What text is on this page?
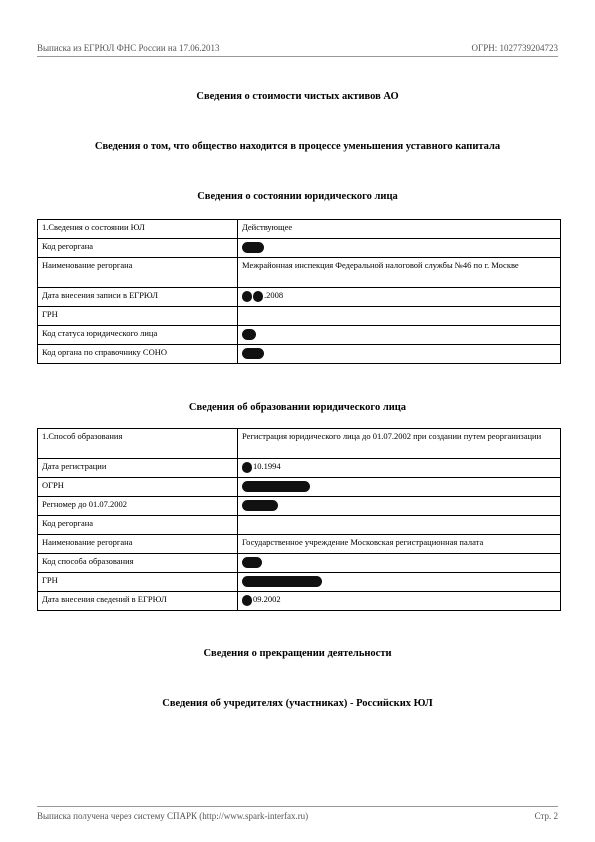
Выписка из ЕГРЮЛ ФНС России на 17.06.2013	ОГРН: 1027739204723
Сведения о стоимости чистых активов АО
Сведения о том, что общество находится в процессе уменьшения уставного капитала
Сведения о состоянии юридического лица
1.Сведения о состоянии ЮЛ	Действующее
Код регоргана	
Наименование регоргана	Межрайонная инспекция Федеральной налоговой службы №46 по г. Москве
Дата внесения записи в ЕГРЮЛ	.2008
ГРН	
Код статуса юридического лица	
Код органа по справочнику СОНО	
Сведения об образовании юридического лица
1.Способ образования	Регистрация юридического лица до 01.07.2002 при создании путем реорганизации
Дата регистрации	10.1994
ОГРН	
Регномер до 01.07.2002	
Код регоргана	
Наименование регоргана	Государственное учреждение Московская регистрационная палата
Код способа образования	
ГРН	
Дата внесения сведений в ЕГРЮЛ	09.2002
Сведения о прекращении деятельности
Сведения об учредителях (участниках) - Российских ЮЛ
Выписка получена через систему СПАРК (http://www.spark-interfax.ru)	Стр. 2
